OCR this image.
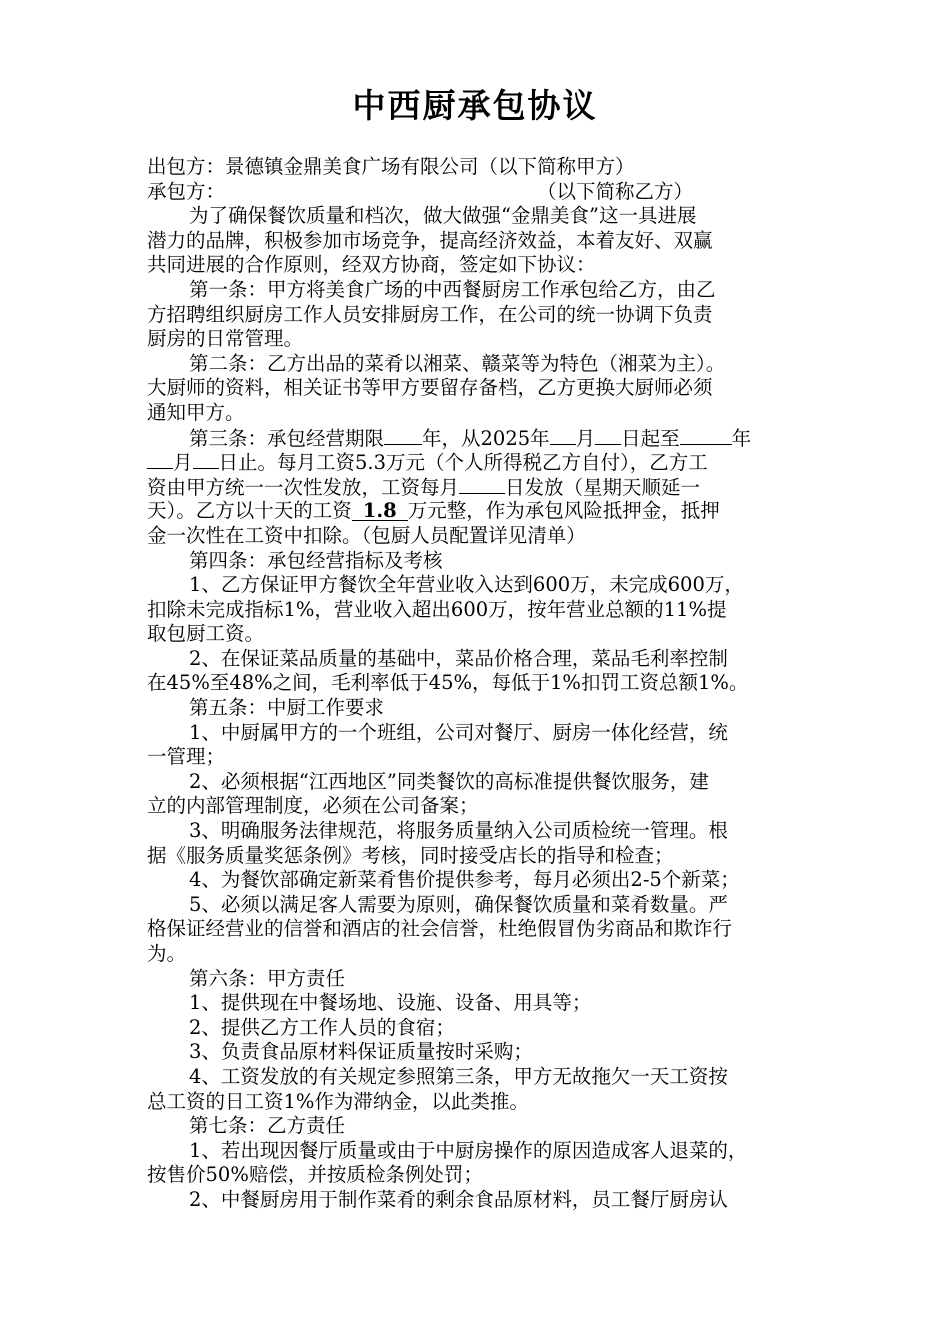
中西厨承包协议
出包方：景德镇金鼎美食广场有限公司（以下简称甲方）
承包方：	（以下简称乙方）
为了确保餐饮质量和档次，做大做强“金鼎美食”这一具进展
潜力的品牌，积极参加市场竞争，提高经济效益，本着友好、双赢
共同进展的合作原则，经双方协商，签定如下协议：
第一条：甲方将美食广场的中西餐厨房工作承包给乙方，由乙
方招聘组织厨房工作人员安排厨房工作，在公司的统一协调下负责
厨房的日常管理。
第二条：乙方出品的菜肴以湘菜、赣菜等为特色（湘菜为主）。
大厨师的资料，相关证书等甲方要留存备档，乙方更换大厨师必须
通知甲方。
第三条：承包经营期限 年，从2025年 月 日起至	年
月 日止。每月工资5.3万元（个人所得税乙方自付），乙方工
资由甲方统一一次性发放，工资每月 日发放（星期天顺延一
天）。乙方以十天的工资 1.8 万元整，作为承包风险抵押金，抵押
金一次性在工资中扣除。（包厨人员配置详见清单）
第四条：承包经营指标及考核
1、乙方保证甲方餐饮全年营业收入达到600万，未完成600万，
扣除未完成指标1%，营业收入超出600万，按年营业总额的11%提
取包厨工资。
2、在保证菜品质量的基础中，菜品价格合理，菜品毛利率控制
在45%至48%之间，毛利率低于45%，每低于1%扣罚工资总额1%。
第五条：中厨工作要求
1、中厨属甲方的一个班组，公司对餐厅、厨房一体化经营，统
一管理；
2、必须根据“江西地区”同类餐饮的高标准提供餐饮服务，建
立的内部管理制度，必须在公司备案；
3、明确服务法律规范，将服务质量纳入公司质检统一管理。根
据《服务质量奖惩条例》考核，同时接受店长的指导和检查；
4、为餐饮部确定新菜肴售价提供参考，每月必须出2-5个新菜；
5、必须以满足客人需要为原则，确保餐饮质量和菜肴数量。严
格保证经营业的信誉和酒店的社会信誉，杜绝假冒伪劣商品和欺诈行
为。
第六条：甲方责任
1、提供现在中餐场地、设施、设备、用具等；
2、提供乙方工作人员的食宿；
3、负责食品原材料保证质量按时采购；
4、工资发放的有关规定参照第三条，甲方无故拖欠一天工资按
总工资的日工资1%作为滞纳金，以此类推。
第七条：乙方责任
1、若出现因餐厅质量或由于中厨房操作的原因造成客人退菜的，
按售价50%赔偿，并按质检条例处罚；
2、中餐厨房用于制作菜肴的剩余食品原材料，员工餐厅厨房认
